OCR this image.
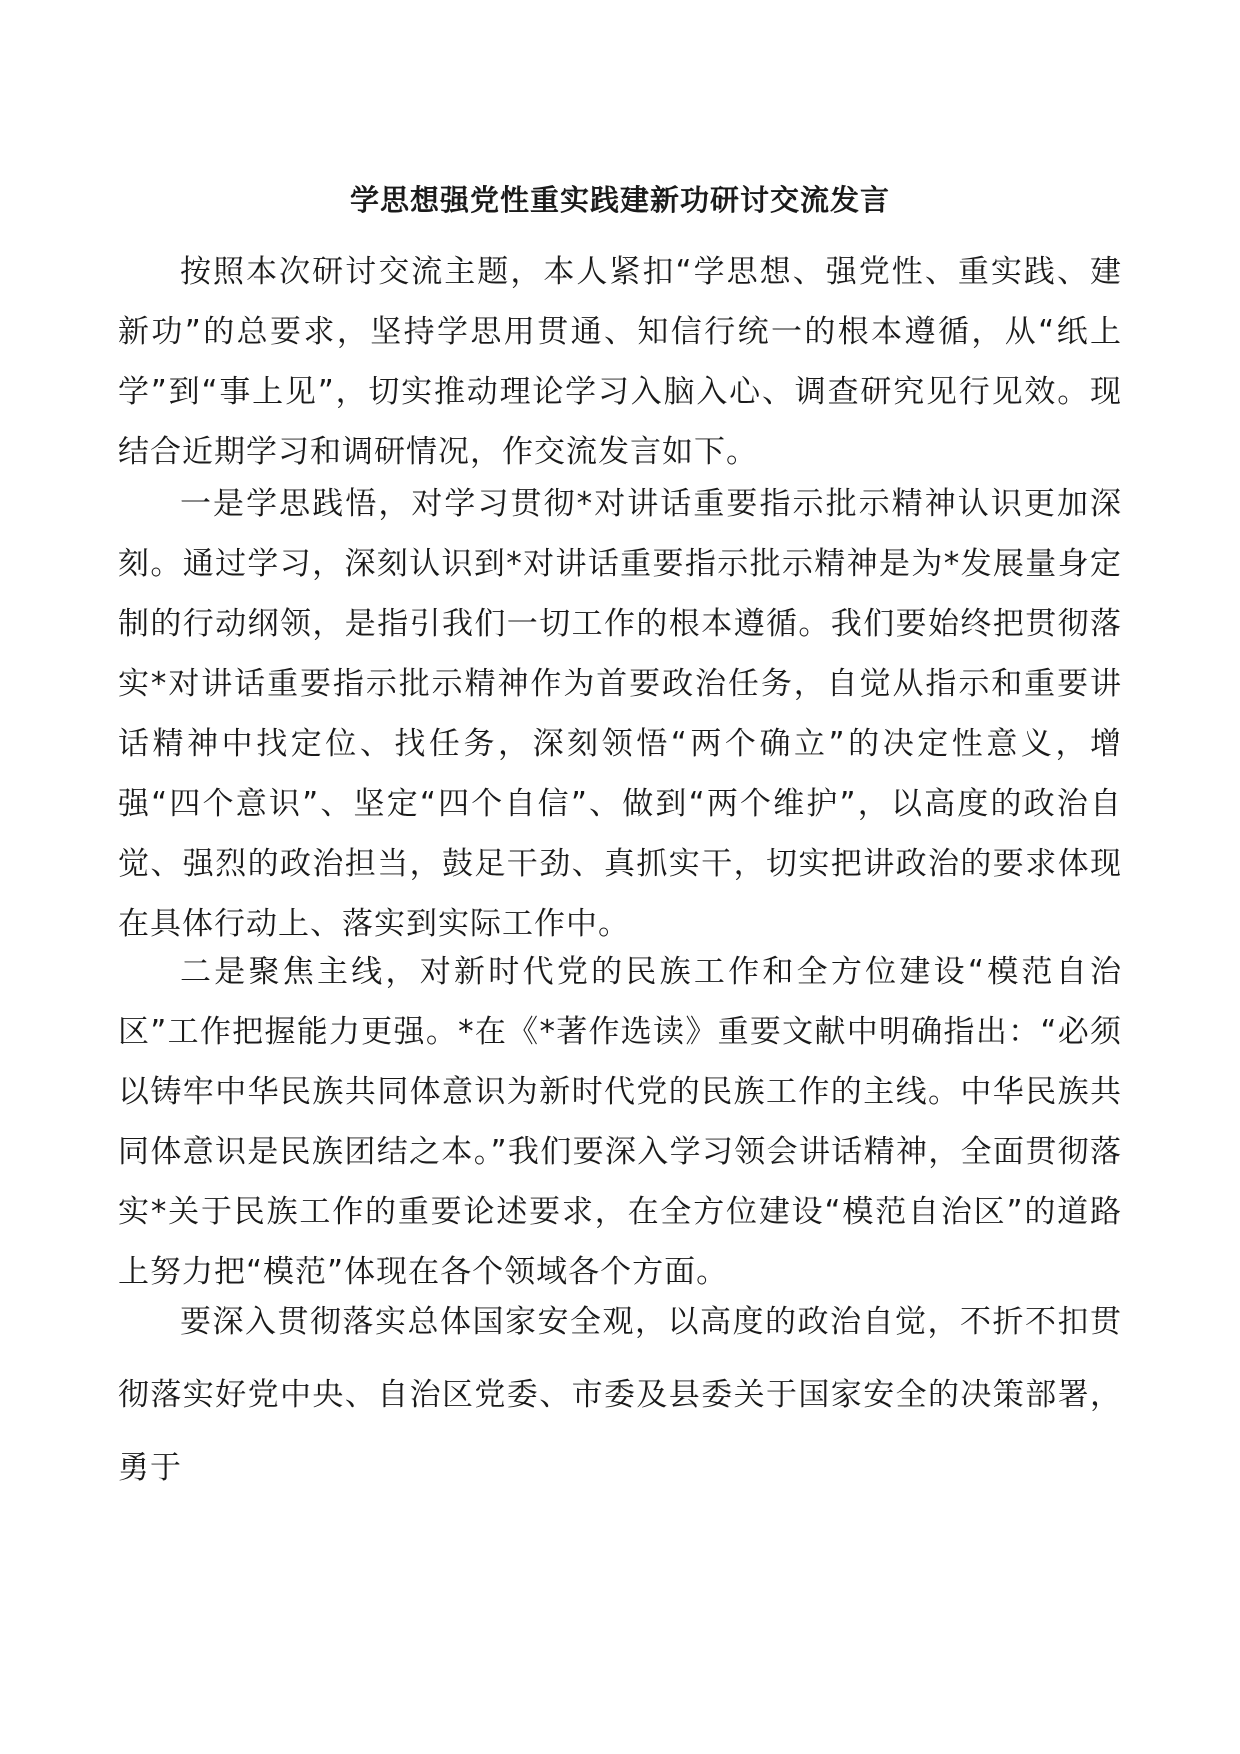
学思想强党性重实践建新功研讨交流发言

按照本次研讨交流主题，本人紧扣“学思想、强党性、重实践、建新功”的总要求，坚持学思用贯通、知信行统一的根本遵循，从“纸上学”到“事上见”，切实推动理论学习入脑入心、调查研究见行见效。现结合近期学习和调研情况，作交流发言如下。

一是学思践悟，对学习贯彻*对讲话重要指示批示精神认识更加深刻。通过学习，深刻认识到*对讲话重要指示批示精神是为*发展量身定制的行动纲领，是指引我们一切工作的根本遵循。我们要始终把贯彻落实*对讲话重要指示批示精神作为首要政治任务，自觉从指示和重要讲话精神中找定位、找任务，深刻领悟“两个确立”的决定性意义，增强“四个意识”、坚定“四个自信”、做到“两个维护”，以高度的政治自觉、强烈的政治担当，鼓足干劲、真抓实干，切实把讲政治的要求体现在具体行动上、落实到实际工作中。

二是聚焦主线，对新时代党的民族工作和全方位建设“模范自治区”工作把握能力更强。*在《*著作选读》重要文献中明确指出：“必须以铸牢中华民族共同体意识为新时代党的民族工作的主线。中华民族共同体意识是民族团结之本。”我们要深入学习领会讲话精神，全面贯彻落实*关于民族工作的重要论述要求，在全方位建设“模范自治区”的道路上努力把“模范”体现在各个领域各个方面。

要深入贯彻落实总体国家安全观，以高度的政治自觉，不折不扣贯彻落实好党中央、自治区党委、市委及县委关于国家安全的决策部署，勇于
